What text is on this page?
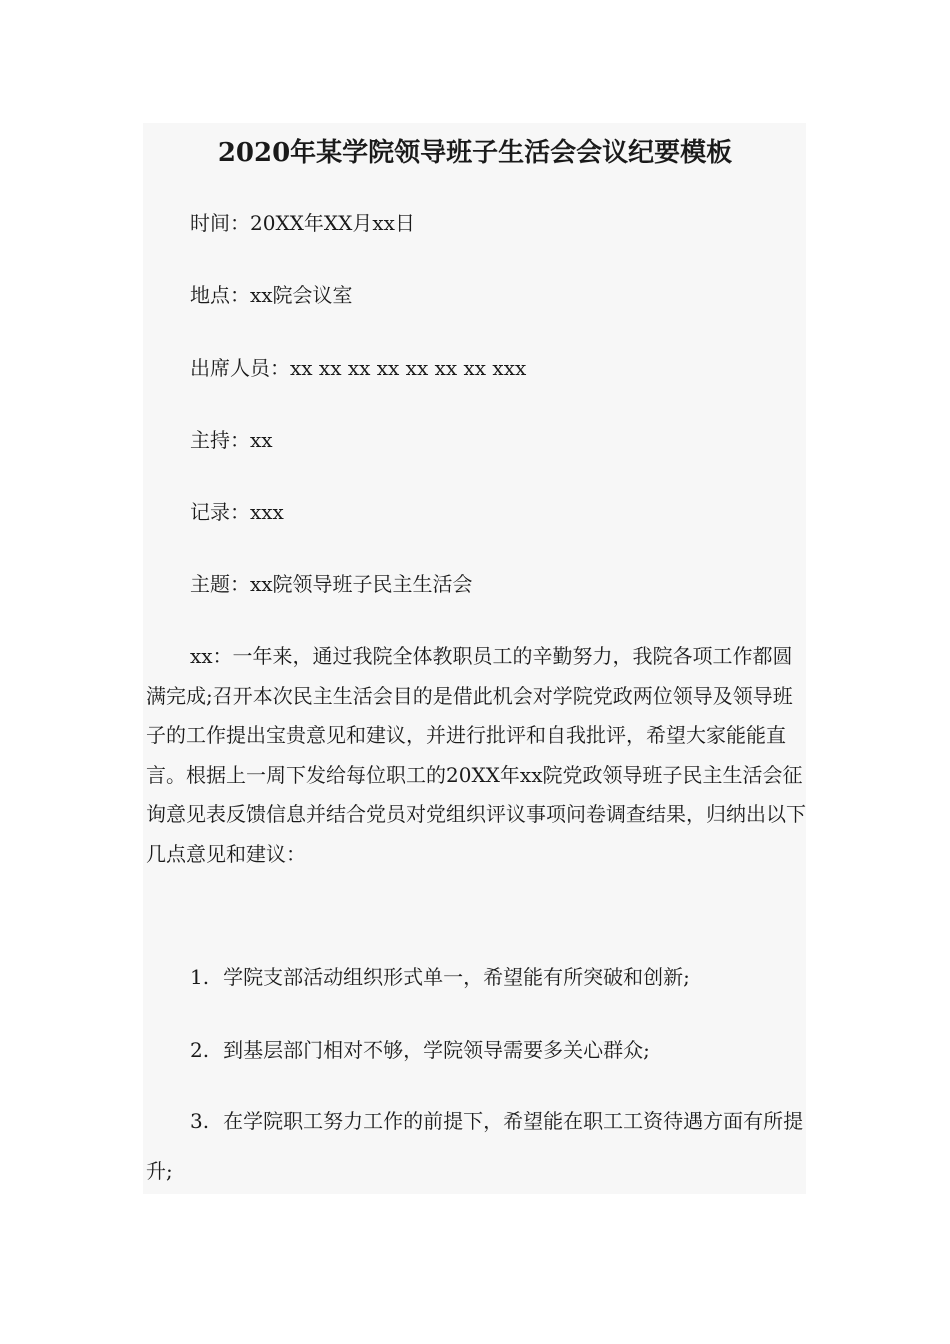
2020年某学院领导班子生活会会议纪要模板
时间：20XX年XX月xx日
地点：xx院会议室
出席人员：xx xx xx xx xx xx xx xxx
主持：xx
记录：xxx
主题：xx院领导班子民主生活会

xx：一年来，通过我院全体教职员工的辛勤努力，我院各项工作都圆满完成;召开本次民主生活会目的是借此机会对学院党政两位领导及领导班子的工作提出宝贵意见和建议，并进行批评和自我批评，希望大家能能直言。根据上一周下发给每位职工的20XX年xx院党政领导班子民主生活会征询意见表反馈信息并结合党员对党组织评议事项问卷调查结果，归纳出以下几点意见和建议：

1. 学院支部活动组织形式单一，希望能有所突破和创新;

2. 到基层部门相对不够，学院领导需要多关心群众;

3. 在学院职工努力工作的前提下，希望能在职工工资待遇方面有所提升;
